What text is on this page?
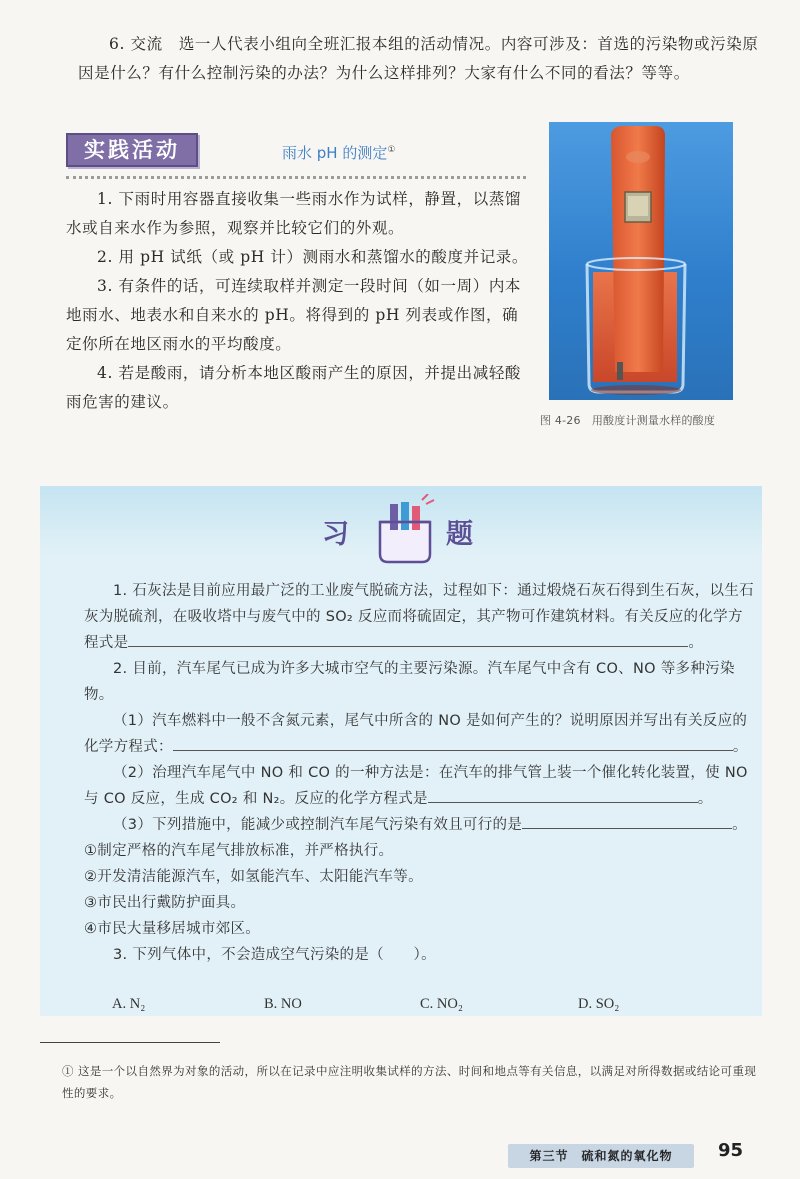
6. 交流　选一人代表小组向全班汇报本组的活动情况。内容可涉及：首选的污染物或污染原因是什么？有什么控制污染的办法？为什么这样排列？大家有什么不同的看法？等等。

实践活动	雨水 pH 的测定①

1. 下雨时用容器直接收集一些雨水作为试样，静置，以蒸馏水或自来水作为参照，观察并比较它们的外观。

2. 用 pH 试纸（或 pH 计）测雨水和蒸馏水的酸度并记录。

3. 有条件的话，可连续取样并测定一段时间（如一周）内本地雨水、地表水和自来水的 pH。将得到的 pH 列表或作图，确定你所在地区雨水的平均酸度。

4. 若是酸雨，请分析本地区酸雨产生的原因，并提出减轻酸雨危害的建议。

图 4-26　用酸度计测量水样的酸度
习	题

1. 石灰法是目前应用最广泛的工业废气脱硫方法，过程如下：通过煅烧石灰石得到生石灰，以生石灰为脱硫剂，在吸收塔中与废气中的 SO₂ 反应而将硫固定，其产物可作建筑材料。有关反应的化学方程式是	。

2. 目前，汽车尾气已成为许多大城市空气的主要污染源。汽车尾气中含有 CO、NO 等多种污染物。

（1）汽车燃料中一般不含氮元素，尾气中所含的 NO 是如何产生的？说明原因并写出有关反应的化学方程式：	。

（2）治理汽车尾气中 NO 和 CO 的一种方法是：在汽车的排气管上装一个催化转化装置，使 NO 与 CO 反应，生成 CO₂ 和 N₂。反应的化学方程式是	。

（3）下列措施中，能减少或控制汽车尾气污染有效且可行的是	。

①制定严格的汽车尾气排放标准，并严格执行。

②开发清洁能源汽车，如氢能汽车、太阳能汽车等。

③市民出行戴防护面具。

④市民大量移居城市郊区。

3. 下列气体中，不会造成空气污染的是（　　）。

A. N₂	B. NO	C. NO₂	D. SO₂
① 这是一个以自然界为对象的活动，所以在记录中应注明收集试样的方法、时间和地点等有关信息，以满足对所得数据或结论可重现性的要求。
第三节　硫和氮的氧化物	95
